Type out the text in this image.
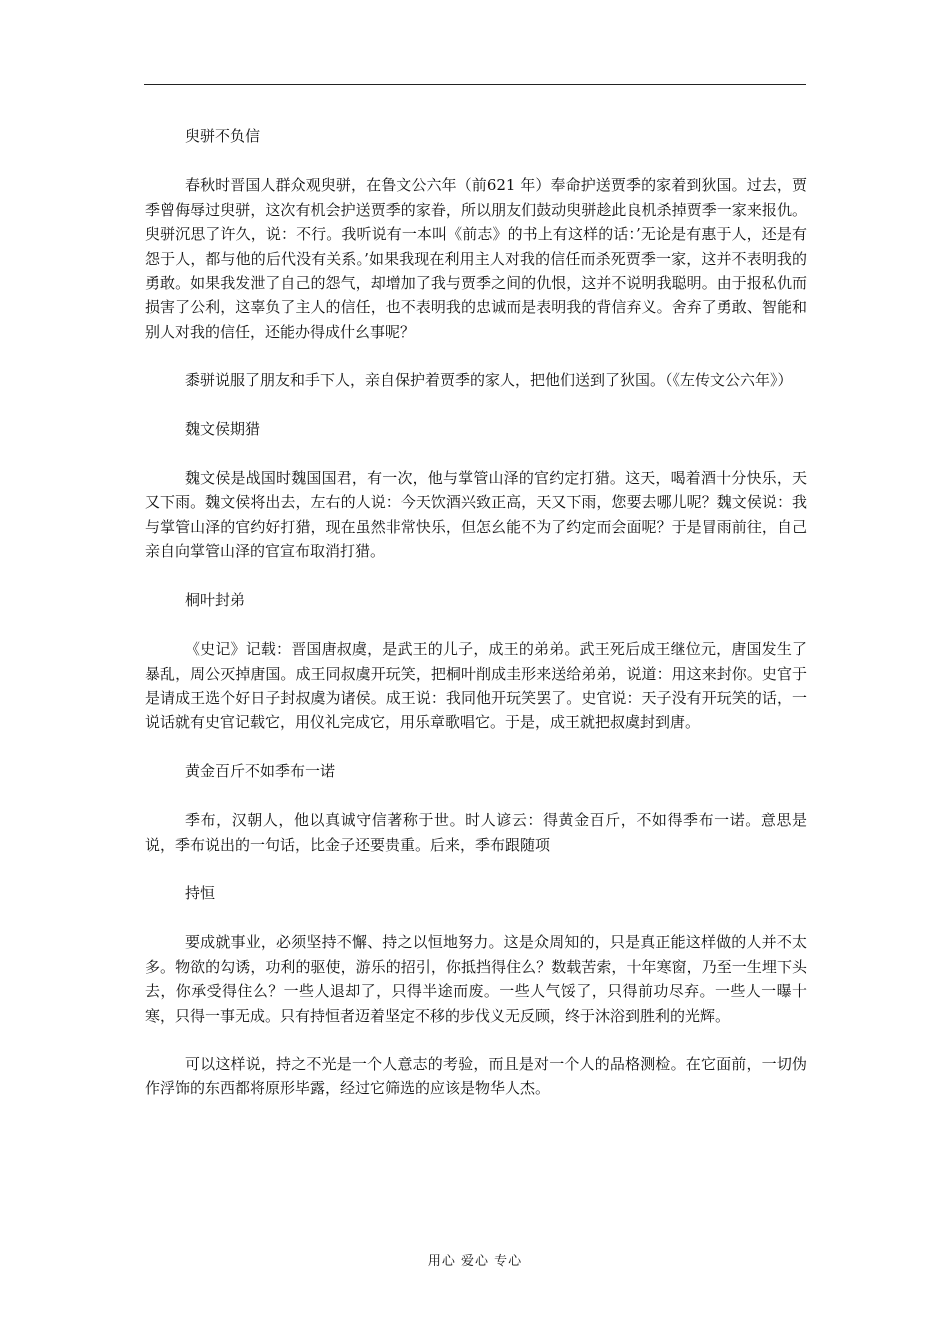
臾骈不负信

春秋时晋国人群众观臾骈，在鲁文公六年（前621 年）奉命护送贾季的家着到狄国。过去，贾季曾侮辱过臾骈，这次有机会护送贾季的家眷，所以朋友们鼓动臾骈趁此良机杀掉贾季一家来报仇。臾骈沉思了许久，说：不行。我听说有一本叫《前志》的书上有这样的话：’无论是有惠于人，还是有怨于人，都与他的后代没有关系。’如果我现在利用主人对我的信任而杀死贾季一家，这并不表明我的勇敢。如果我发泄了自己的怨气，却增加了我与贾季之间的仇恨，这并不说明我聪明。由于报私仇而损害了公利，这辜负了主人的信任，也不表明我的忠诚而是表明我的背信弃义。舍弃了勇敢、智能和别人对我的信任，还能办得成什幺事呢？

黍骈说服了朋友和手下人，亲自保护着贾季的家人，把他们送到了狄国。（《左传文公六年》）

魏文侯期猎

魏文侯是战国时魏国国君，有一次，他与掌管山泽的官约定打猎。这天，喝着酒十分快乐，天又下雨。魏文侯将出去，左右的人说：今天饮酒兴致正高，天又下雨，您要去哪儿呢？魏文侯说：我与掌管山泽的官约好打猎，现在虽然非常快乐，但怎幺能不为了约定而会面呢？于是冒雨前往，自己亲自向掌管山泽的官宣布取消打猎。

桐叶封弟

《史记》记载：晋国唐叔虞，是武王的儿子，成王的弟弟。武王死后成王继位元，唐国发生了暴乱，周公灭掉唐国。成王同叔虞开玩笑，把桐叶削成圭形来送给弟弟，说道：用这来封你。史官于是请成王选个好日子封叔虞为诸侯。成王说：我同他开玩笑罢了。史官说：天子没有开玩笑的话，一说话就有史官记载它，用仪礼完成它，用乐章歌唱它。于是，成王就把叔虞封到唐。

黄金百斤不如季布一诺

季布，汉朝人，他以真诚守信著称于世。时人谚云：得黄金百斤，不如得季布一诺。意思是说，季布说出的一句话，比金子还要贵重。后来，季布跟随项

持恒

要成就事业，必须坚持不懈、持之以恒地努力。这是众周知的，只是真正能这样做的人并不太多。物欲的勾诱，功利的驱使，游乐的招引，你抵挡得住么？数载苦索，十年寒窗，乃至一生埋下头去，你承受得住么？一些人退却了，只得半途而废。一些人气馁了，只得前功尽弃。一些人一曝十寒，只得一事无成。只有持恒者迈着坚定不移的步伐义无反顾，终于沐浴到胜利的光辉。

可以这样说，持之不光是一个人意志的考验，而且是对一个人的品格测检。在它面前，一切伪作浮饰的东西都将原形毕露，经过它筛选的应该是物华人杰。

用心 爱心 专心
